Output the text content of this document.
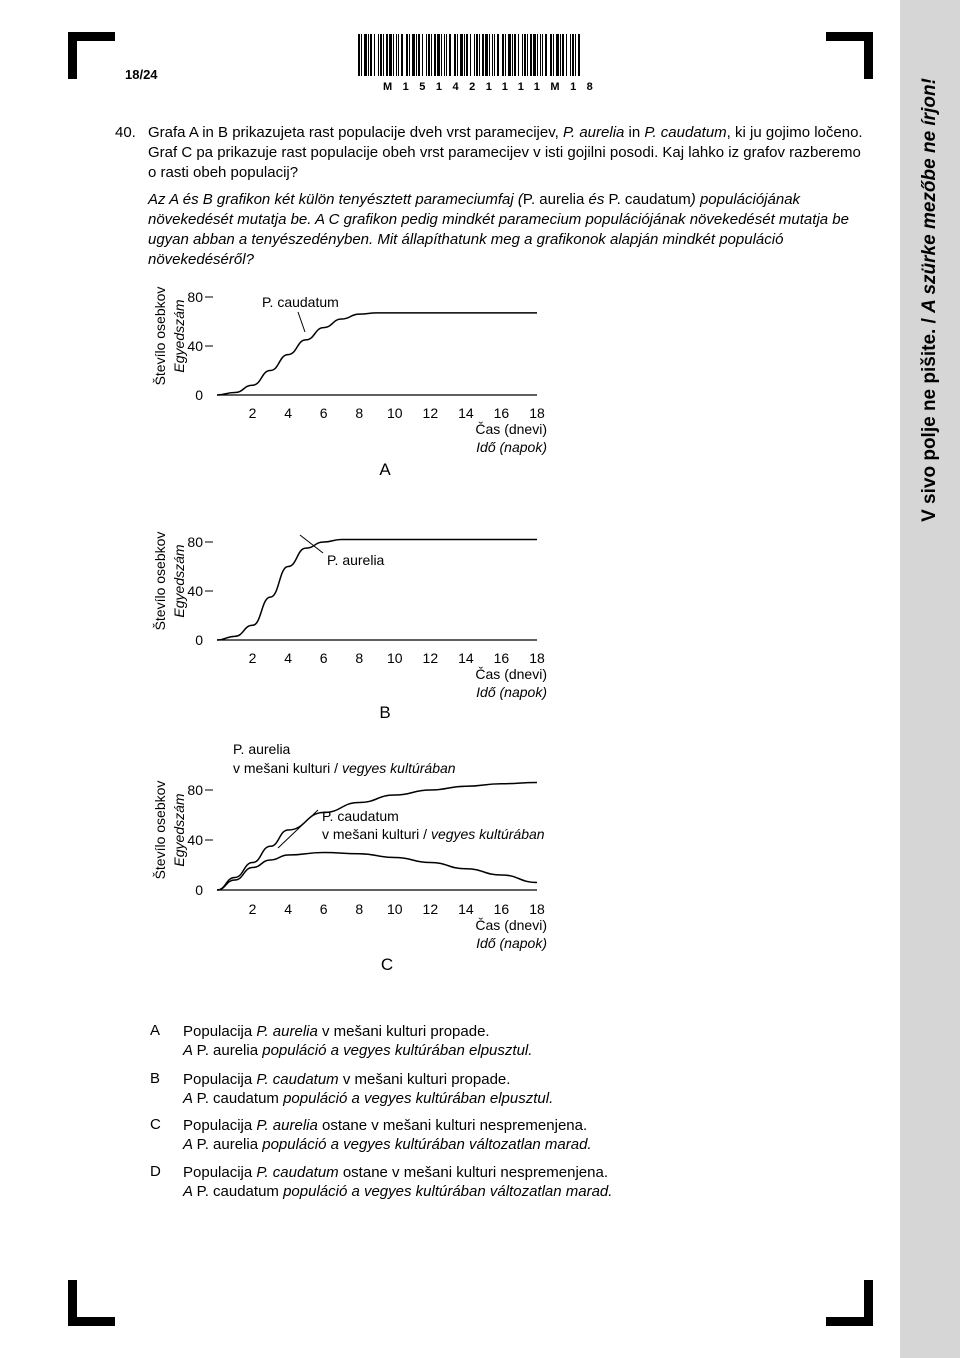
V sivo polje ne pišite. / A szürke mezőbe ne írjon!
18/24
M151421111M18
40. Grafa A in B prikazujeta rast populacije dveh vrst paramecijev, P. aurelia in P. caudatum, ki ju gojimo ločeno. Graf C pa prikazuje rast populacije obeh vrst paramecijev v isti gojilni posodi. Kaj lahko iz grafov razberemo o rasti obeh populacij?
Az A és B grafikon két külön tenyésztett parameciumfaj (P. aurelia és P. caudatum) populációjának növekedését mutatja be. A C grafikon pedig mindkét paramecium populációjának növekedését mutatja be ugyan abban a tenyészedényben. Mit állapíthatunk meg a grafikonok alapján mindkét populáció növekedéséről?
0
40
80
2 4 6 8 10 12 14 16 18
Čas (dnevi)
Idő (napok)
Števílo osebkov Egyedszám
A
P. caudatum
0
40
80
2 4 6 8 10 12 14 16 18
Čas (dnevi)
Idő (napok)
Števílo osebkov Egyedszám
B
P. aurelia
0
40
80
2 4 6 8 10 12 14 16 18
Čas (dnevi)
Idő (napok)
Števílo osebkov Egyedszám
C
P. aurelia
v mešani kulturi / vegyes kultúrában
P. caudatum
v mešani kulturi / vegyes kultúrában
A Populacija P. aurelia v mešani kulturi propade.
A P. aurelia populáció a vegyes kultúrában elpusztul.
B Populacija P. caudatum v mešani kulturi propade.
A P. caudatum populáció a vegyes kultúrában elpusztul.
C Populacija P. aurelia ostane v mešani kulturi nespremenjena.
A P. aurelia populáció a vegyes kultúrában változatlan marad.
D Populacija P. caudatum ostane v mešani kulturi nespremenjena.
A P. caudatum populáció a vegyes kultúrában változatlan marad.
